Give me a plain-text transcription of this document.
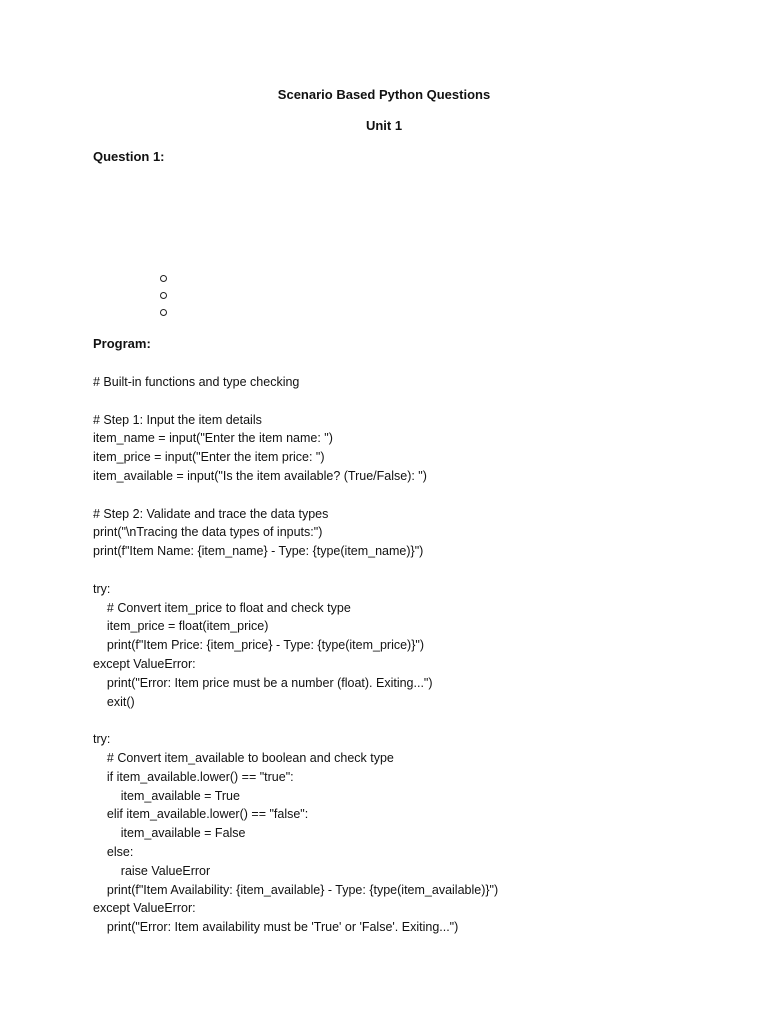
Scenario Based Python Questions
Unit 1
Question 1:
Program:
# Built-in functions and type checking
# Step 1: Input the item details
item_name = input("Enter the item name: ")
item_price = input("Enter the item price: ")
item_available = input("Is the item available? (True/False): ")
# Step 2: Validate and trace the data types
print("\nTracing the data types of inputs:")
print(f"Item Name: {item_name} - Type: {type(item_name)}")
try:
# Convert item_price to float and check type
item_price = float(item_price)
print(f"Item Price: {item_price} - Type: {type(item_price)}")
except ValueError:
print("Error: Item price must be a number (float). Exiting...")
exit()
try:
# Convert item_available to boolean and check type
if item_available.lower() == "true":
item_available = True
elif item_available.lower() == "false":
item_available = False
else:
raise ValueError
print(f"Item Availability: {item_available} - Type: {type(item_available)}")
except ValueError:
print("Error: Item availability must be 'True' or 'False'. Exiting...")
